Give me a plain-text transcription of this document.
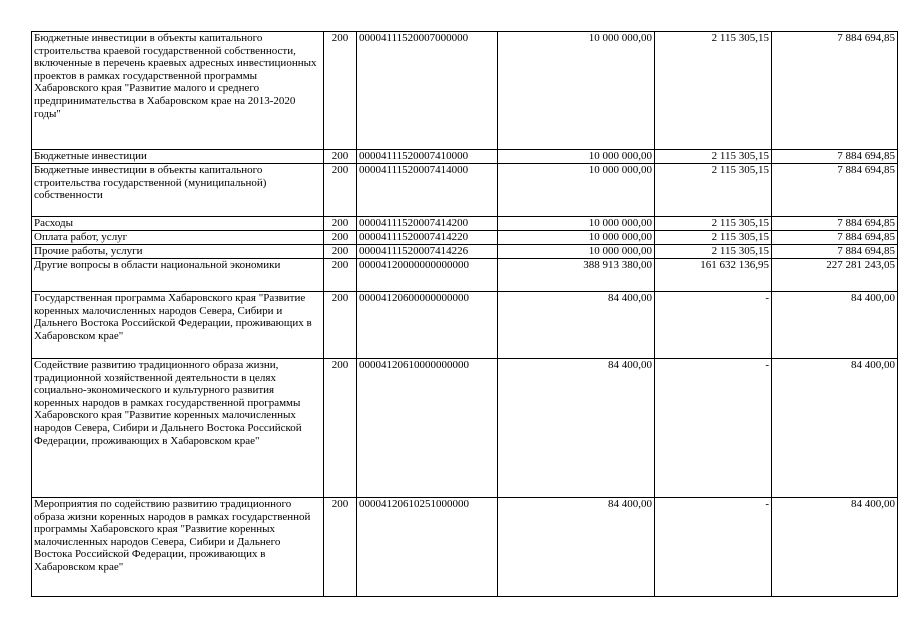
Бюджетные инвестиции в объекты капитального строительства краевой государственной собственности, включенные в перечень краевых адресных инвестиционных проектов в рамках государственной программы Хабаровского края "Развитие малого и среднего предпринимательства в Хабаровском крае на 2013-2020 годы"	200	00004111520007000000	10 000 000,00	2 115 305,15	7 884 694,85
Бюджетные инвестиции	200	00004111520007410000	10 000 000,00	2 115 305,15	7 884 694,85
Бюджетные инвестиции в объекты капитального строительства государственной (муниципальной) собственности	200	00004111520007414000	10 000 000,00	2 115 305,15	7 884 694,85
Расходы	200	00004111520007414200	10 000 000,00	2 115 305,15	7 884 694,85
Оплата работ, услуг	200	00004111520007414220	10 000 000,00	2 115 305,15	7 884 694,85
Прочие работы, услуги	200	00004111520007414226	10 000 000,00	2 115 305,15	7 884 694,85
Другие вопросы в области национальной экономики	200	00004120000000000000	388 913 380,00	161 632 136,95	227 281 243,05
Государственная программа Хабаровского края "Развитие коренных малочисленных народов Севера, Сибири и Дальнего Востока Российской Федерации, проживающих в Хабаровском крае"	200	00004120600000000000	84 400,00	-	84 400,00
Содействие развитию традиционного образа жизни, традиционной хозяйственной деятельности в целях социально-экономического и культурного развития коренных народов в рамках государственной программы Хабаровского края "Развитие коренных малочисленных народов Севера, Сибири и Дальнего Востока Российской Федерации, проживающих в Хабаровском крае"	200	00004120610000000000	84 400,00	-	84 400,00
Мероприятия по содействию развитию традиционного образа жизни коренных народов в рамках государственной программы Хабаровского края "Развитие коренных малочисленных народов Севера, Сибири и Дальнего Востока Российской Федерации, проживающих в Хабаровском крае"	200	00004120610251000000	84 400,00	-	84 400,00
